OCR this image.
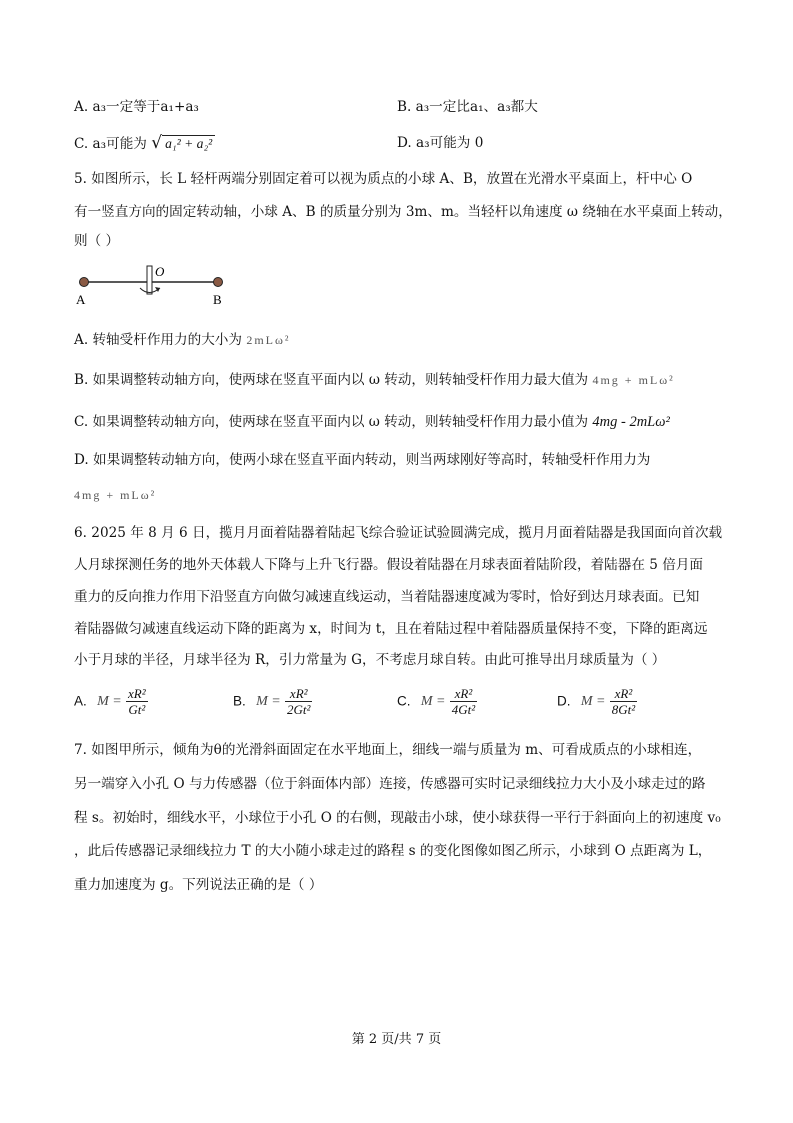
A. a₃一定等于a₁+a₃	B. a₃一定比a₁、a₃都大
C. a₃可能为 √ a₁² + a₂²	D. a₃可能为 0
5. 如图所示，长 L 轻杆两端分别固定着可以视为质点的小球 A、B，放置在光滑水平桌面上，杆中心 O
有一竖直方向的固定转动轴，小球 A、B 的质量分别为 3m、m。当轻杆以角速度 ω 绕轴在水平桌面上转动，
则（ ）
O
A	B
A. 转轴受杆作用力的大小为 2mLω²
B. 如果调整转动轴方向，使两球在竖直平面内以 ω 转动，则转轴受杆作用力最大值为 4mg + mLω²
C. 如果调整转动轴方向，使两球在竖直平面内以 ω 转动，则转轴受杆作用力最小值为 4mg - 2mLω²
D. 如果调整转动轴方向，使两小球在竖直平面内转动，则当两球刚好等高时，转轴受杆作用力为
4mg + mLω²
6. 2025 年 8 月 6 日，揽月月面着陆器着陆起飞综合验证试验圆满完成，揽月月面着陆器是我国面向首次载
人月球探测任务的地外天体载人下降与上升飞行器。假设着陆器在月球表面着陆阶段，着陆器在 5 倍月面
重力的反向推力作用下沿竖直方向做匀减速直线运动，当着陆器速度减为零时，恰好到达月球表面。已知
着陆器做匀减速直线运动下降的距离为 x，时间为 t，且在着陆过程中着陆器质量保持不变，下降的距离远
小于月球的半径，月球半径为 R，引力常量为 G，不考虑月球自转。由此可推导出月球质量为（ ）
A. $M = \frac{\text{xR²}}{\text{Gt²}}$	B. $M = \frac{\text{xR²}}{\text{2Gt²}}$	C. $M = \frac{\text{xR²}}{\text{4Gt²}}$	D. $M = \frac{\text{xR²}}{\text{8Gt²}}$
7. 如图甲所示，倾角为θ的光滑斜面固定在水平地面上，细线一端与质量为 m、可看成质点的小球相连，
另一端穿入小孔 O 与力传感器（位于斜面体内部）连接，传感器可实时记录细线拉力大小及小球走过的路
程 s。初始时，细线水平，小球位于小孔 O 的右侧，现敲击小球，使小球获得一平行于斜面向上的初速度 v₀
，此后传感器记录细线拉力 T 的大小随小球走过的路程 s 的变化图像如图乙所示，小球到 O 点距离为 L，
重力加速度为 g。下列说法正确的是（ ）
第 2 页/共 7 页
